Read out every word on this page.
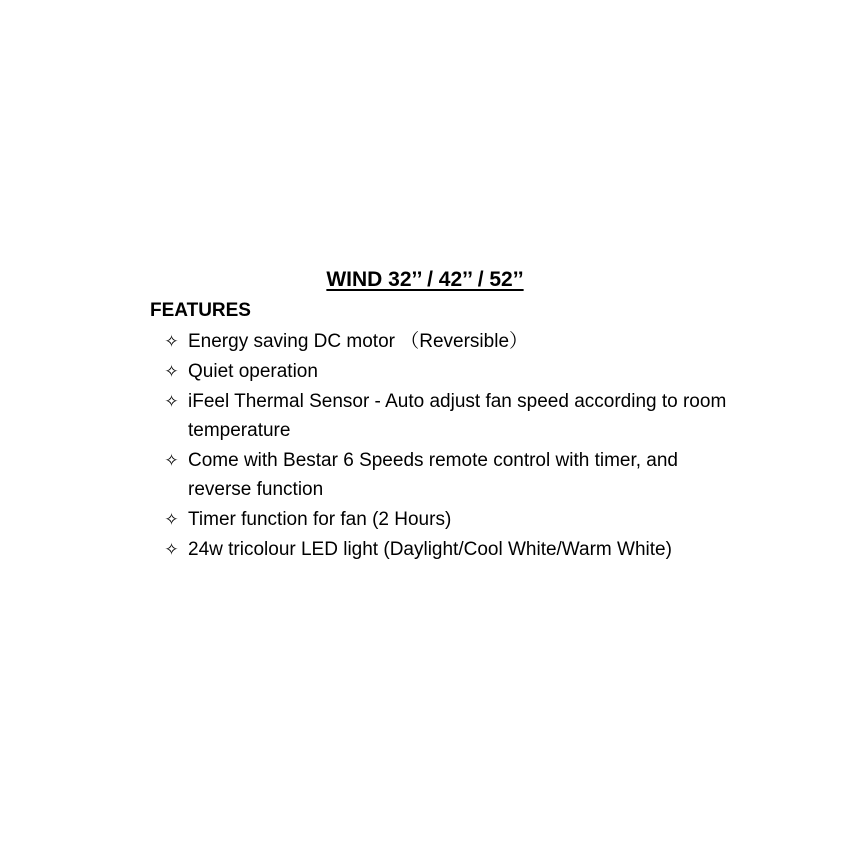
WIND 32’’ / 42’’ / 52’’
FEATURES
✧ Energy saving DC motor （Reversible）
✧ Quiet operation
✧ iFeel Thermal Sensor - Auto adjust fan speed according to room temperature
✧ Come with Bestar 6 Speeds remote control with timer, and reverse function
✧ Timer function for fan (2 Hours)
✧ 24w tricolour LED light (Daylight/Cool White/Warm White)
